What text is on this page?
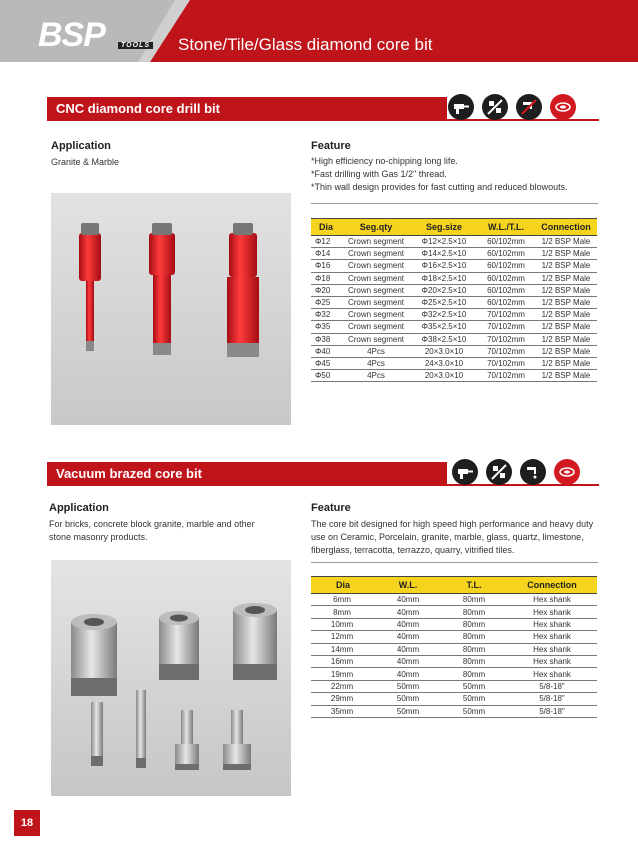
BSP	TOOLS Stone/Tile/Glass diamond core bit
CNC diamond core drill bit
Application
Granite & Marble
Feature
*High efficiency no-chipping long life.
*Fast drilling with Gas 1/2" thread.
*Thin wall design provides for fast cutting and reduced blowouts.
Dia	Seg.qty	Seg.size	W.L./T.L.	Connection
Φ12	Crown segment	Φ12×2.5×10	60/102mm	1/2 BSP Male
Φ14	Crown segment	Φ14×2.5×10	60/102mm	1/2 BSP Male
Φ16	Crown segment	Φ16×2.5×10	60/102mm	1/2 BSP Male
Φ18	Crown segment	Φ18×2.5×10	60/102mm	1/2 BSP Male
Φ20	Crown segment	Φ20×2.5×10	60/102mm	1/2 BSP Male
Φ25	Crown segment	Φ25×2.5×10	60/102mm	1/2 BSP Male
Φ32	Crown segment	Φ32×2.5×10	70/102mm	1/2 BSP Male
Φ35	Crown segment	Φ35×2.5×10	70/102mm	1/2 BSP Male
Φ38	Crown segment	Φ38×2.5×10	70/102mm	1/2 BSP Male
Φ40	4Pcs	20×3.0×10	70/102mm	1/2 BSP Male
Φ45	4Pcs	24×3.0×10	70/102mm	1/2 BSP Male
Φ50	4Pcs	20×3.0×10	70/102mm	1/2 BSP Male
Vacuum brazed core bit
Application
For bricks, concrete block granite, marble and other stone masonry products.
Feature
The core bit designed for high speed high performance and heavy duty use on Ceramic, Porcelain, granite, marble, glass, quartz, limestone, fiberglass, terracotta, terrazzo, quarry, vitrified tiles.
Dia	W.L.	T.L.	Connection
6mm	40mm	80mm	Hex shank
8mm	40mm	80mm	Hex shank
10mm	40mm	80mm	Hex shank
12mm	40mm	80mm	Hex shank
14mm	40mm	80mm	Hex shank
16mm	40mm	80mm	Hex shank
19mm	40mm	80mm	Hex shank
22mm	50mm	50mm	5/8-18"
29mm	50mm	50mm	5/8-18"
35mm	50mm	50mm	5/8-18"
18
